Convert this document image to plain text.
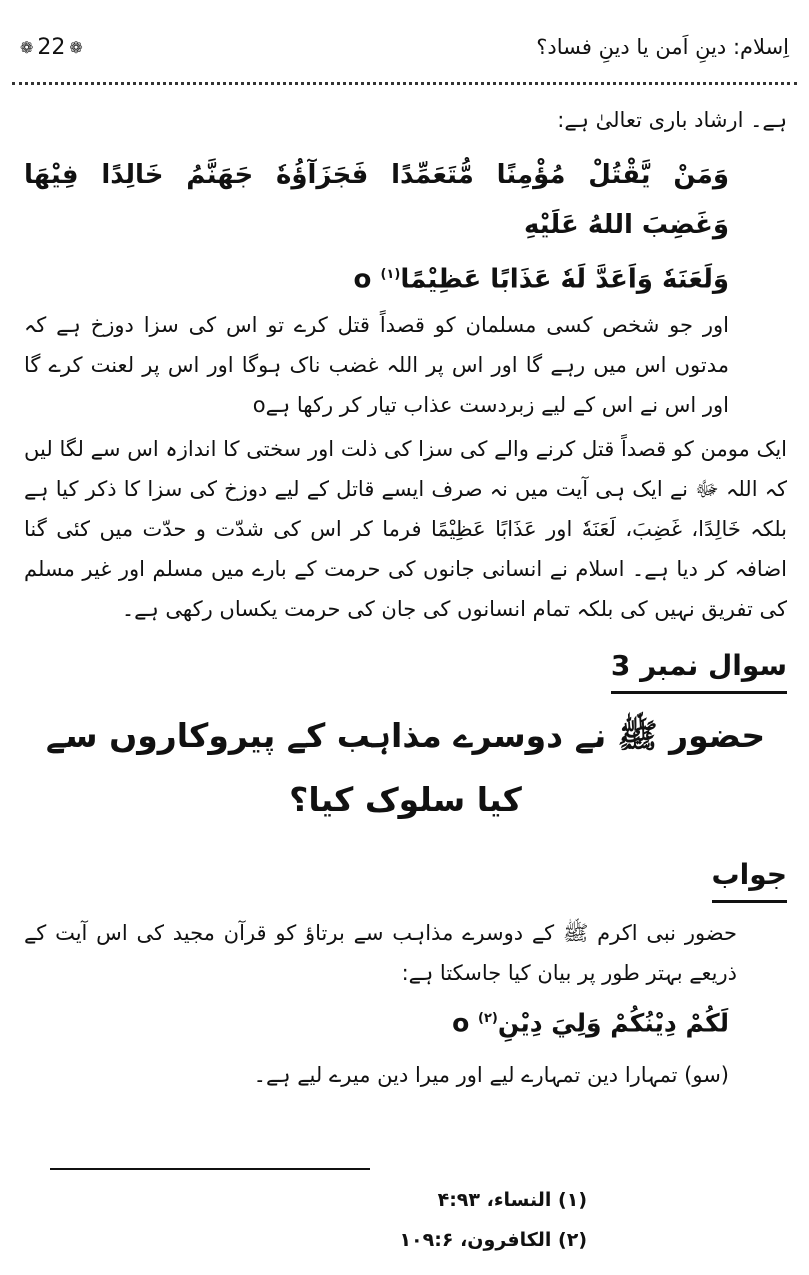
❁ 22 ❁	اِسلام: دینِ اَمن یا دینِ فساد؟

ہے۔ ارشاد باری تعالیٰ ہے:

وَمَنْ يَّقْتُلْ مُؤْمِنًا مُّتَعَمِّدًا فَجَزَآؤُهٗ جَهَنَّمُ خَالِدًا فِيْهَا وَغَضِبَ اللهُ عَلَيْهِ

وَلَعَنَهٗ وَاَعَدَّ لَهٗ عَذَابًا عَظِيْمًاo $^{(۱)}$

اور جو شخص کسی مسلمان کو قصداً قتل کرے تو اس کی سزا دوزخ ہے کہ مدتوں اس میں رہے گا اور اس پر اللہ غضب ناک ہوگا اور اس پر لعنت کرے گا اور اس نے اس کے لیے زبردست عذاب تیار کر رکھا ہےo

ایک مومن کو قصداً قتل کرنے والے کی سزا کی ذلت اور سختی کا اندازہ اس سے لگا لیں کہ اللہ ﷻ نے ایک ہی آیت میں نہ صرف ایسے قاتل کے لیے دوزخ کی سزا کا ذکر کیا ہے بلکہ خَالِدًا، غَضِبَ، لَعَنَهٗ اور عَذَابًا عَظِيْمًا فرما کر اس کی شدّت و حدّت میں کئی گنا اضافہ کر دیا ہے۔ اسلام نے انسانی جانوں کی حرمت کے بارے میں مسلم اور غیر مسلم کی تفریق نہیں کی بلکہ تمام انسانوں کی جان کی حرمت یکساں رکھی ہے۔

سوال نمبر 3

حضور ﷺ نے دوسرے مذاہب کے پیروکاروں سے کیا سلوک کیا؟

جواب

حضور نبی اکرم ﷺ کے دوسرے مذاہب سے برتاؤ کو قرآن مجید کی اس آیت کے ذریعے بہتر طور پر بیان کیا جاسکتا ہے:

لَكُمْ دِيْنُكُمْ وَلِيَ دِيْنِo $^{(۲)}$

(سو) تمہارا دین تمہارے لیے اور میرا دین میرے لیے ہے۔

(۱) النساء، ۴:۹۳

(۲) الکافرون، ۱۰۹:۶
